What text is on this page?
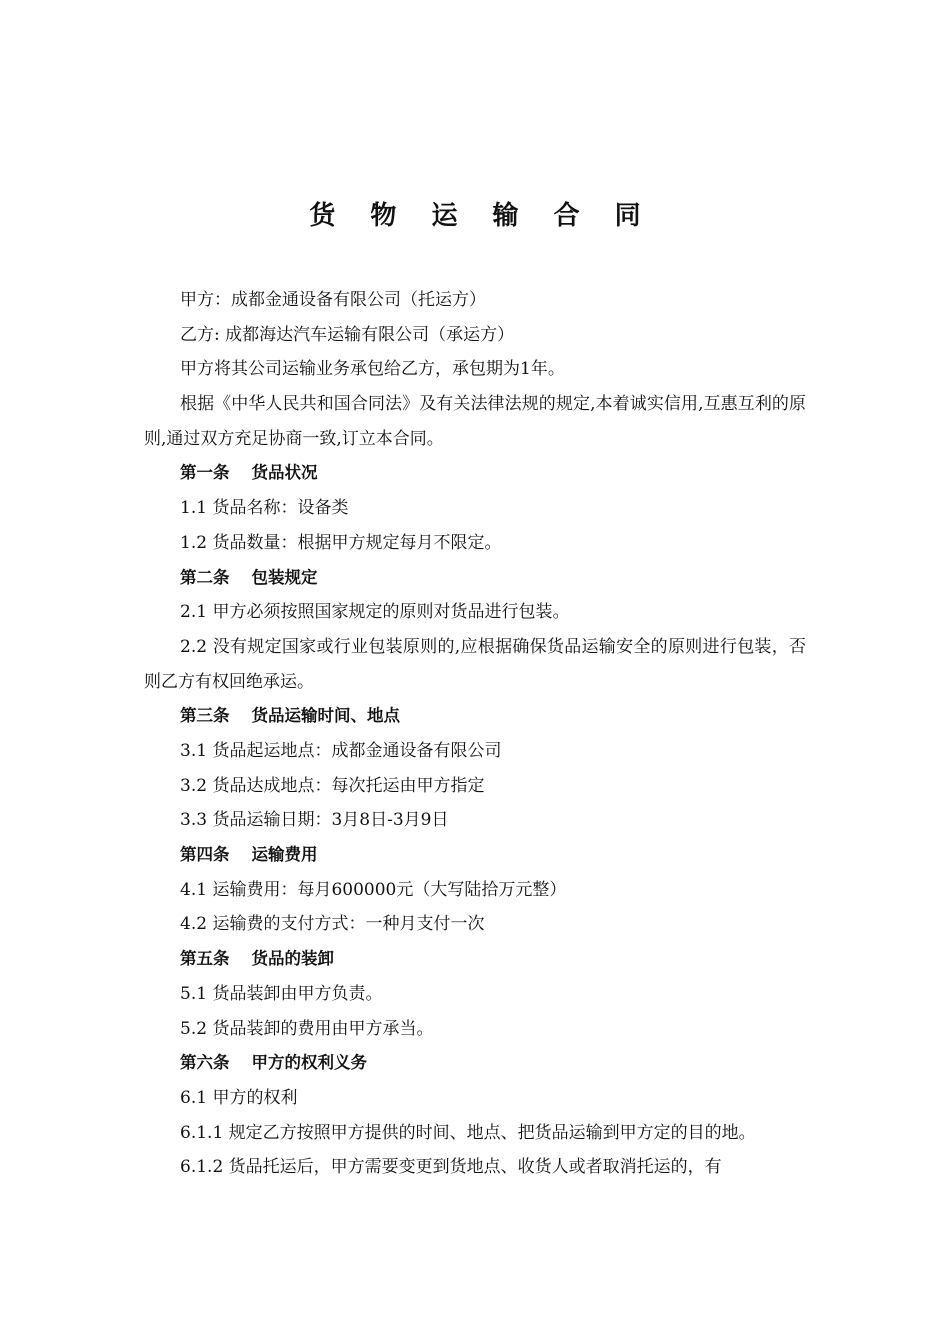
货 物 运 输 合 同
甲方：成都金通设备有限公司（托运方）
乙方: 成都海达汽车运输有限公司（承运方）
甲方将其公司运输业务承包给乙方，承包期为1年。
根据《中华人民共和国合同法》及有关法律法规的规定,本着诚实信用,互惠互利的原则,通过双方充足协商一致,订立本合同。
第一条 货品状况
1.1 货品名称：设备类
1.2 货品数量：根据甲方规定每月不限定。
第二条 包装规定
2.1 甲方必须按照国家规定的原则对货品进行包装。
2.2 没有规定国家或行业包装原则的,应根据确保货品运输安全的原则进行包装，否则乙方有权回绝承运。
第三条 货品运输时间、地点
3.1 货品起运地点：成都金通设备有限公司
3.2 货品达成地点：每次托运由甲方指定
3.3 货品运输日期：3月8日-3月9日
第四条 运输费用
4.1 运输费用：每月600000元（大写陆拾万元整）
4.2 运输费的支付方式：一种月支付一次
第五条 货品的装卸
5.1 货品装卸由甲方负责。
5.2 货品装卸的费用由甲方承当。
第六条 甲方的权利义务
6.1 甲方的权利
6.1.1 规定乙方按照甲方提供的时间、地点、把货品运输到甲方定的目的地。
6.1.2 货品托运后，甲方需要变更到货地点、收货人或者取消托运的，有
